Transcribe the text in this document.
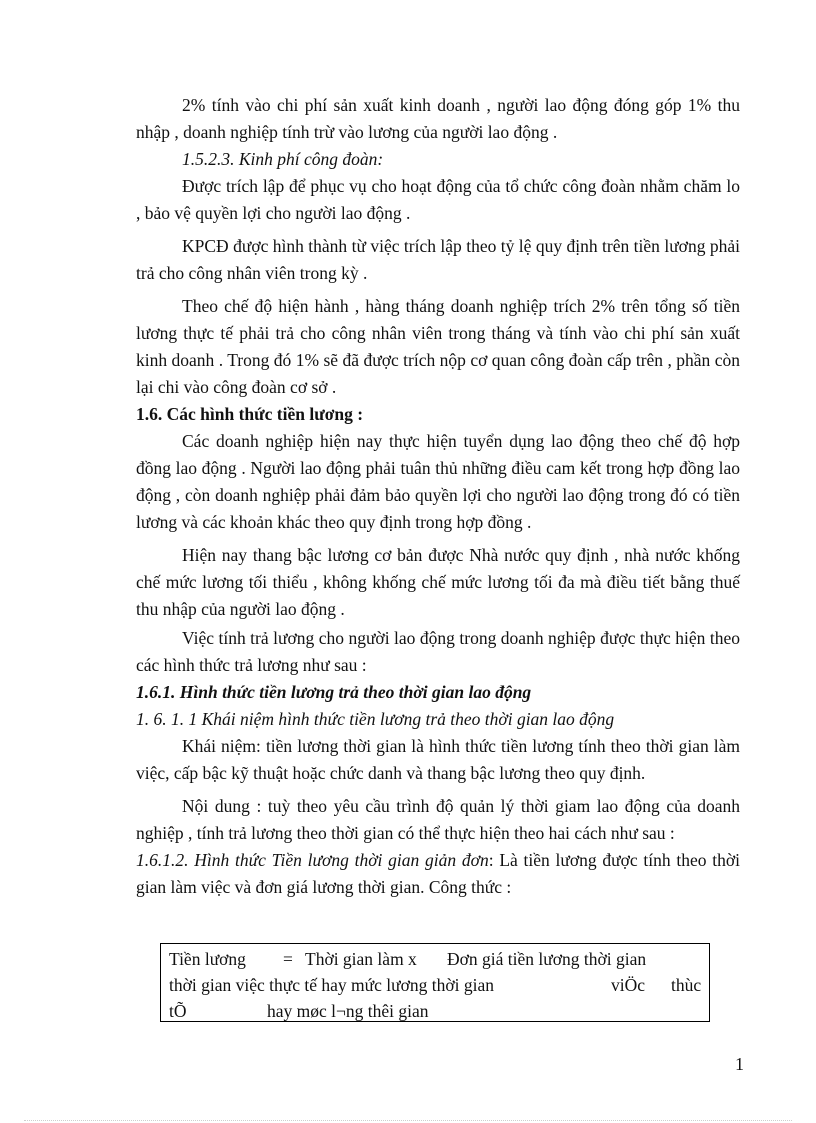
2% tính vào chi phí sản xuất kinh doanh , người lao động đóng góp 1% thu nhập , doanh nghiệp tính trừ vào lương của người lao động .

1.5.2.3. Kinh phí công đoàn:

Được trích lập để phục vụ cho hoạt động của tổ chức công đoàn nhằm chăm lo , bảo vệ quyền lợi cho người lao động .

KPCĐ được hình thành từ việc trích lập theo tỷ lệ quy định trên tiền lương phải trả cho công nhân viên trong kỳ .

Theo chế độ hiện hành , hàng tháng doanh nghiệp trích 2% trên tổng số tiền lương thực tế phải trả cho công nhân viên trong tháng và tính vào chi phí sản xuất kinh doanh . Trong đó 1% sẽ đã được trích nộp cơ quan công đoàn cấp trên , phần còn lại chi vào công đoàn cơ sở .

1.6. Các hình thức tiền lương :

Các doanh nghiệp hiện nay thực hiện tuyển dụng lao động theo chế độ hợp đồng lao động . Người lao động phải tuân thủ những điều cam kết trong hợp đồng lao động , còn doanh nghiệp phải đảm bảo quyền lợi cho người lao động trong đó có tiền lương và các khoản khác theo quy định trong hợp đồng .

Hiện nay thang bậc lương cơ bản được Nhà nước quy định , nhà nước khống chế mức lương tối thiểu , không khống chế mức lương tối đa mà điều tiết bằng thuế thu nhập của người lao động .

Việc tính trả lương cho người lao động trong doanh nghiệp được thực hiện theo các hình thức trả lương như sau :

1.6.1. Hình thức tiền lương trả theo thời gian lao động

1. 6. 1. 1 Khái niệm hình thức tiền lương trả theo thời gian lao động

Khái niệm: tiền lương thời gian là hình thức tiền lương tính theo thời gian làm việc, cấp bậc kỹ thuật hoặc chức danh và thang bậc lương theo quy định.

Nội dung : tuỳ theo yêu cầu trình độ quản lý thời giam lao động của doanh nghiệp , tính trả lương theo thời gian có thể thực hiện theo hai cách như sau :

1.6.1.2. Hình thức Tiền lương thời gian giản đơn: Là tiền lương được tính theo thời gian làm việc và đơn giá lương thời gian. Công thức :

Tiền lương = Thời gian làm x Đơn giá tiền lương thời gian
thời gian việc thực tế hay mức lương thời gian	viÖc thùc
tÕ	hay møc l¬ng thêi gian
1
